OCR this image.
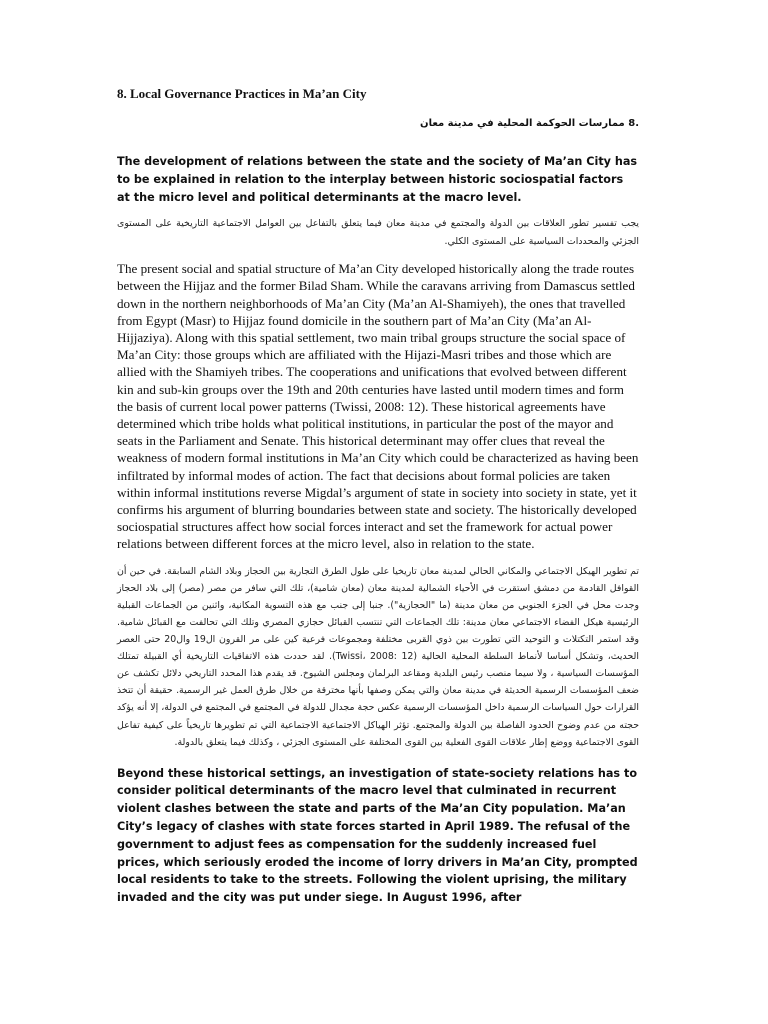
8. Local Governance Practices in Ma’an City

.8 ممارسات الحوكمة المحلية في مدينة معان

The development of relations between the state and the society of Ma’an City has to be explained in relation to the interplay between historic sociospatial factors at the micro level and political determinants at the macro level.

يجب تفسير تطور العلاقات بين الدولة والمجتمع في مدينة معان فيما يتعلق بالتفاعل بين العوامل الاجتماعية التاريخية على المستوى الجزئي والمحددات السياسية على المستوى الكلي.

The present social and spatial structure of Ma’an City developed historically along the trade routes between the Hijjaz and the former Bilad Sham. While the caravans arriving from Damascus settled down in the northern neighborhoods of Ma’an City (Ma’an Al-Shamiyeh), the ones that travelled from Egypt (Masr) to Hijjaz found domicile in the southern part of Ma’an City (Ma’an Al-Hijjaziya). Along with this spatial settlement, two main tribal groups structure the social space of Ma’an City: those groups which are affiliated with the Hijazi-Masri tribes and those which are allied with the Shamiyeh tribes. The cooperations and unifications that evolved between different kin and sub-kin groups over the 19th and 20th centuries have lasted until modern times and form the basis of current local power patterns (Twissi, 2008: 12). These historical agreements have determined which tribe holds what political institutions, in particular the post of the mayor and seats in the Parliament and Senate. This historical determinant may offer clues that reveal the weakness of modern formal institutions in Ma’an City which could be characterized as having been infiltrated by informal modes of action. The fact that decisions about formal policies are taken within informal institutions reverse Migdal’s argument of state in society into society in state, yet it confirms his argument of blurring boundaries between state and society. The historically developed sociospatial structures affect how social forces interact and set the framework for actual power relations between different forces at the micro level, also in relation to the state.

تم تطوير الهيكل الاجتماعي والمكاني الحالي لمدينة معان تاريخيا على طول الطرق التجارية بين الحجاز وبلاد الشام السابقة. في حين أن القوافل القادمة من دمشق استقرت في الأحياء الشمالية لمدينة معان (معان شامية)، تلك التي سافر من مصر (مصر) إلى بلاد الحجاز وجدت محل في الجزء الجنوبي من معان مدينة (ما "الحجازية"). جنبا إلى جنب مع هذه التسوية المكانية، واثنين من الجماعات القبلية الرئيسية هيكل الفضاء الاجتماعي معان مدينة: تلك الجماعات التي تنتسب القبائل حجازي المصري وتلك التي تحالفت مع القبائل شامية. وقد استمر التكتلات و التوحيد التي تطورت بين ذوي القربى مختلفة ومجموعات فرعية كين على مر القرون ال19 وال20 حتى العصر الحديث، وتشكل أساسا لأنماط السلطة المحلية الحالية (Twissi، 2008: 12). لقد حددت هذه الاتفاقيات التاريخية أي القبيلة تمتلك المؤسسات السياسية ، ولا سيما منصب رئيس البلدية ومقاعد البرلمان ومجلس الشيوخ. قد يقدم هذا المحدد التاريخي دلائل تكشف عن ضعف المؤسسات الرسمية الحديثة في مدينة معان والتي يمكن وصفها بأنها مخترقة من خلال طرق العمل غير الرسمية. حقيقة أن تتخذ القرارات حول السياسات الرسمية داخل المؤسسات الرسمية عكس حجة مجدال للدولة في المجتمع في المجتمع في الدولة، إلا أنه يؤكد حجته من عدم وضوح الحدود الفاصلة بين الدولة والمجتمع. تؤثر الهياكل الاجتماعية الاجتماعية التي تم تطويرها تاريخياً على كيفية تفاعل القوى الاجتماعية ووضع إطار علاقات القوى الفعلية بين القوى المختلفة على المستوى الجزئي ، وكذلك فيما يتعلق بالدولة.

Beyond these historical settings, an investigation of state-society relations has to consider political determinants of the macro level that culminated in recurrent violent clashes between the state and parts of the Ma’an City population. Ma’an City’s legacy of clashes with state forces started in April 1989. The refusal of the government to adjust fees as compensation for the suddenly increased fuel prices, which seriously eroded the income of lorry drivers in Ma’an City, prompted local residents to take to the streets. Following the violent uprising, the military invaded and the city was put under siege. In August 1996, after
